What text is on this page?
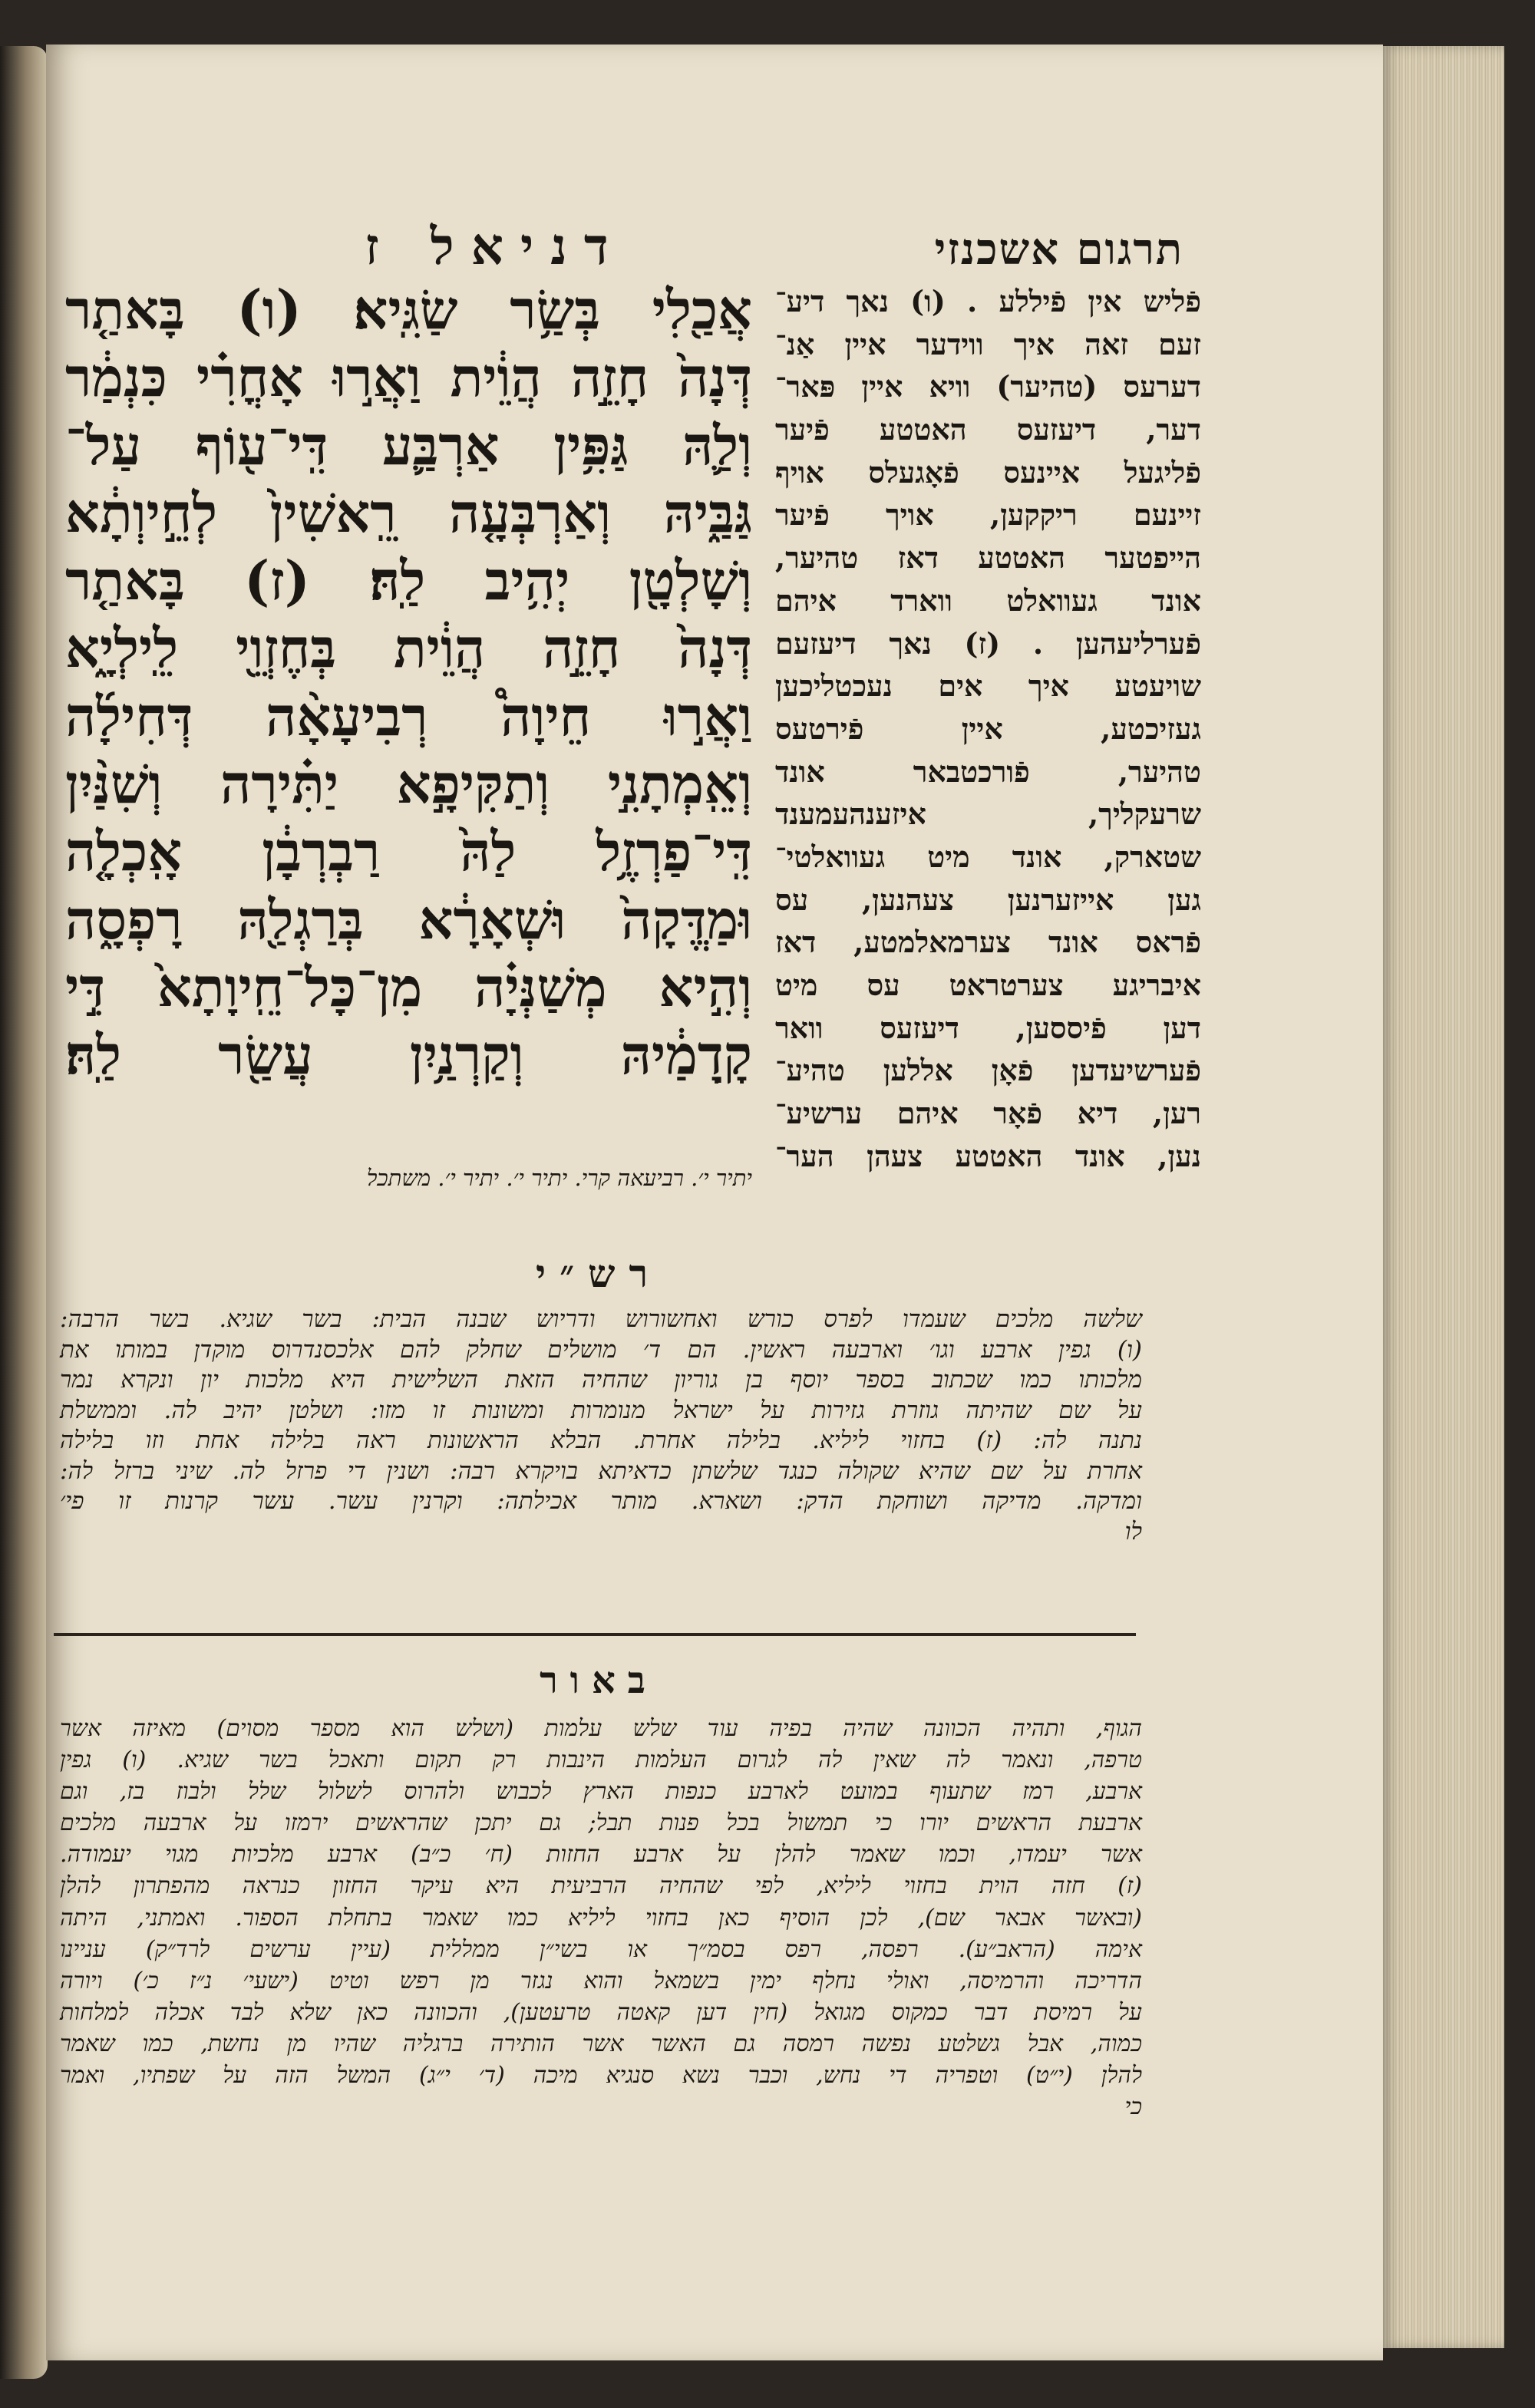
תרגום אשכנזי
דניאל ז
אֲכַ֖לִי בְּשַׂ֥ר שַׂגִּֽיא׃ (ו) בָּאתַ֤ר
דְּנָה֙ חָזֵ֣ה הֲוֵ֔ית וַאֲר֣וּ אָחֳרִ֗י כִּנְמַ֔ר
וְלַ֛הּ גַּפִּ֥ין אַרְבַּ֛ע דִּֽי־ע֖וֹף עַל־
גַּבַּ֑יהּ וְאַרְבְּעָ֤ה רֵֽאשִׁין֙ לְחֵ֣יוְתָ֔א
וְשָׁלְטָ֖ן יְהִ֥יב לַֽהּ׃ (ז) בָּאתַ֤ר
דְּנָה֙ חָזֵ֣ה הֲוֵ֔ית בְּחֶזְוֵ֖י לֵֽילְיָ֑א
וַאֲר֣וּ חֵיוָה֩ רְבִיעָאָ֨ה דְּחִילָ֜ה
וְאֵֽמְתָנִ֣י וְתַקִּיפָ֣א יַתִּ֗ירָה וְשִׁנַּ֨יִן
דִּֽי־פַרְזֶ֥ל לַהּ֙ רַבְרְבָ֔ן אָֽכְלָ֤ה
וּמַדֱּקָה֙ וּשְׁאָרָ֔א בְּרַגְלַ֖הּ רָפְסָ֑ה
וְהִ֣יא מְשַׁנְּיָ֗ה מִן־כָּל־חֵֽיוָתָא֙ דִּ֣י
קָֽדָמַ֔יהּ וְקַרְנַ֥יִן עֲשַׂ֖ר לַֽהּ׃
יתיר י׳. רביעאה קרי. יתיר י׳. יתיר י׳. משתכל
פֿליש אין פֿיללע . (ו) נאך דיע־
זעם זאה איך ווידער איין אַנ־
דערעס (טהיער) וויא איין פּאר־
דער, דיעזעס האטטע פֿיער
פֿליגעל איינעס פֿאָגעלס אויף
זיינעם ריקקען, אויך פֿיער
הייפטער האטטע דאז טהיער,
אונד געוואלט ווארד איהם
פֿערליעהען . (ז) נאך דיעזעם
שויעטע איך אים נעכטליכען
געזיכטע, איין פֿירטעס
טהיער, פֿורכטבאר אונד
שרעקליך, איזענהעמענד
שטארק, אונד מיט געוואלטי־
גען אייזערנען צעהנען, עס
פֿראס אונד צערמאלמטע, דאז
איבריגע צערטראט עס מיט
דען פֿיססען, דיעזעס וואר
פֿערשיעדען פֿאָן אללען טהיע־
רען, דיא פֿאָר איהם ערשיע־
נען, אונד האטטע צעהן הער־
רש״י
שלשה מלכים שעמדו לפרס כורש ואחשורוש ודריוש שבנה הבית: בשר שגיא. בשר הרבה:
(ו) גפין ארבע וגו׳ וארבעה ראשין. הם ד׳ מושלים שחלק להם אלכסנדרוס מוקדן במותו את
מלכותו כמו שכתוב בספר יוסף בן גוריון שהחיה הזאת השלישית היא מלכות יון ונקרא נמר
על שם שהיתה גוזרת גזירות על ישראל מנומרות ומשונות זו מזו: ושלטן יהיב לה. וממשלת
נתנה לה: (ז) בחזוי ליליא. בלילה אחרת. הבלא הראשונות ראה בלילה אחת וזו בלילה
אחרת על שם שהיא שקולה כנגד שלשתן כדאיתא בויקרא רבה: ושנין די פרזל לה. שיני ברזל לה:
ומדקה. מדיקה ושוחקת הדק: ושארא. מותר אכילתה: וקרנין עשר. עשר קרנות זו פי׳
לו
באור
הגוף, ותהיה הכוונה שהיה בפיה עוד שלש עלמות (ושלש הוא מספר מסוים) מאיזה אשר
טרפה, ונאמר לה שאין לה לגרום העלמות הינבות רק תקום ותאכל בשר שגיא. (ו) גפין
ארבע, רמז שתעוף במועט לארבע כנפות הארץ לכבוש ולהרוס לשלול שלל ולבוז בז, וגם
ארבעת הראשים יורו כי תמשול בכל פנות תבל; גם יתכן שהראשים ירמזו על ארבעה מלכים
אשר יעמדו, וכמו שאמר להלן על ארבע החזות (ח׳ כ״ב) ארבע מלכיות מגוי יעמודה.
(ז) חזה הוית בחזוי ליליא, לפי שהחיה הרביעית היא עיקר החזון כנראה מהפתרון להלן
(ובאשר אבאר שם), לכן הוסיף כאן בחזוי ליליא כמו שאמר בתחלת הספור. ואמתני, היתה
אימה (הראב״ע). רפסה, רפס בסמ״ך או בשי״ן ממללית (עיין ערשים לרד״ק) עניינו
הדריכה והרמיסה, ואולי נחלף ימין בשמאל והוא נגזר מן רפש וטיט (ישעי׳ נ״ז כ׳) ויורה
על רמיסת דבר כמקוס מגואל (חין דען קאטה טרעטען), והכוונה כאן שלא לבד אכלה למלחות
כמוה, אבל גשלטע נפשה רמסה גם האשר אשר הותירה ברגליה שהיו מן נחשת, כמו שאמר
להלן (י״ט) וטפריה די נחש, וכבר נשא סנגיא מיכה (ד׳ י״ג) המשל הזה על שפתיו, ואמר
כי
